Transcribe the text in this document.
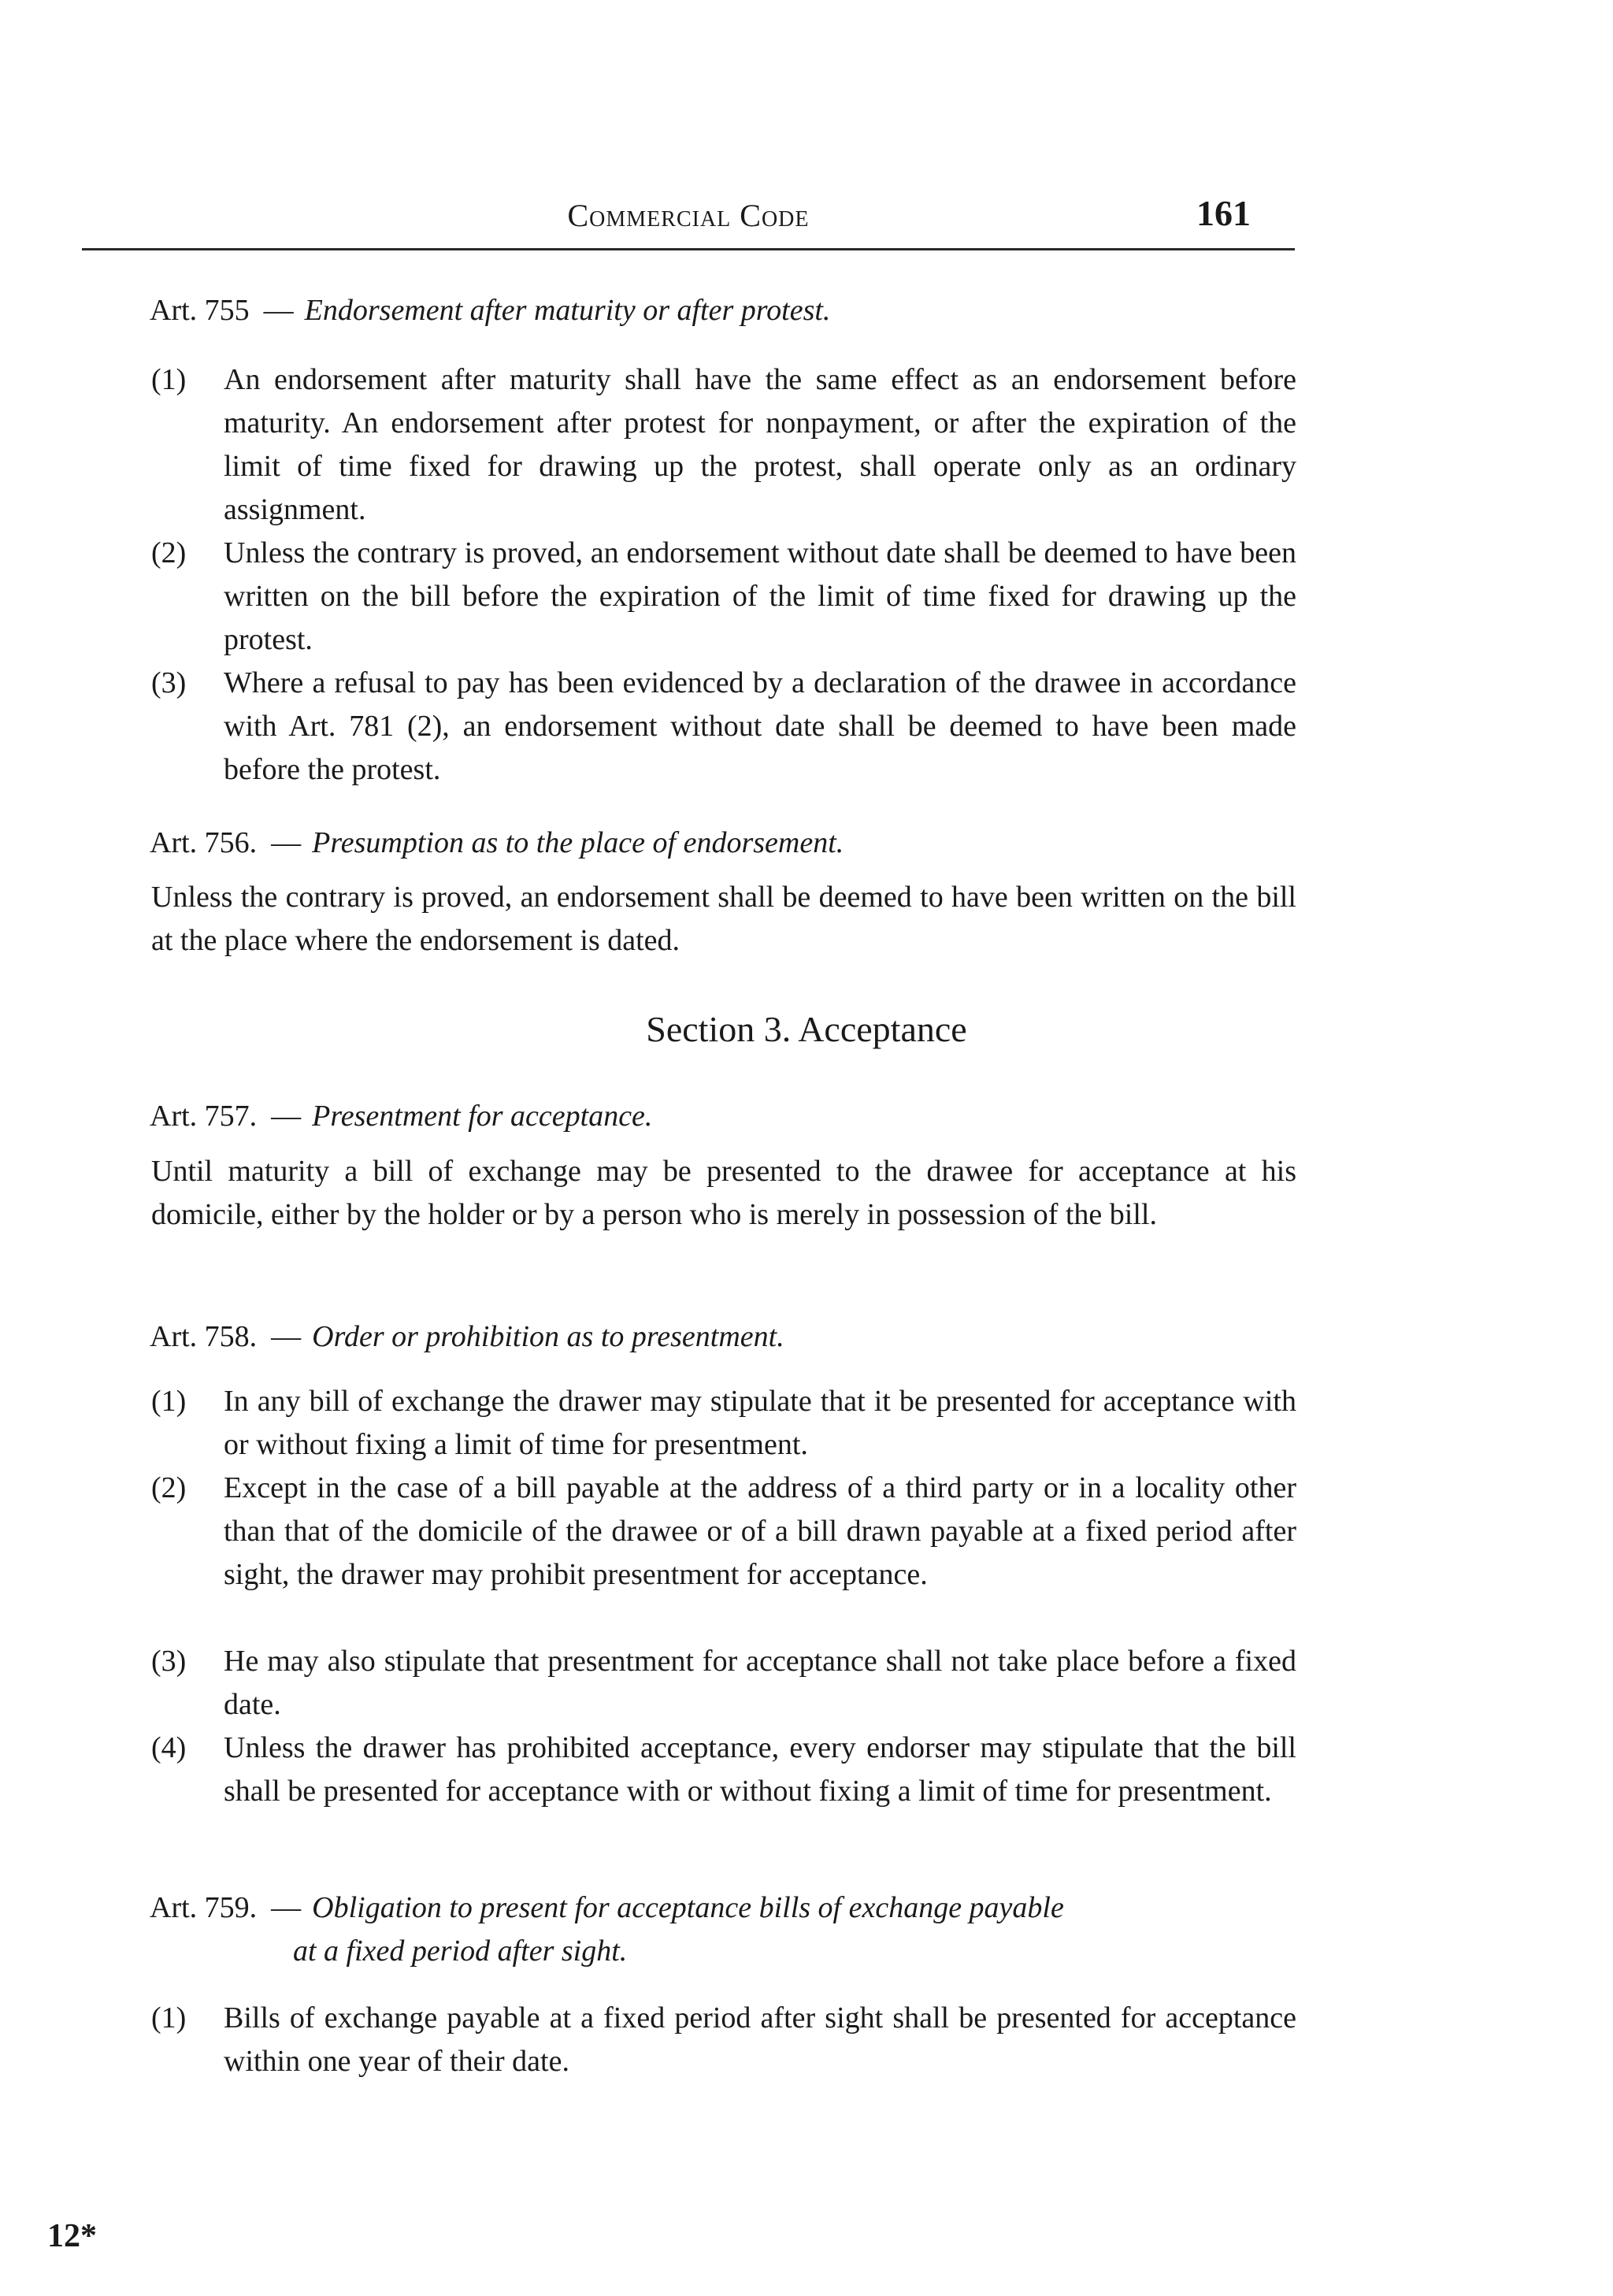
Commercial Code	161
Art. 755 — Endorsement after maturity or after protest.
(1)	An endorsement after maturity shall have the same effect as an endorsement before maturity. An endorsement after protest for nonpayment, or after the expiration of the limit of time fixed for drawing up the protest, shall operate only as an ordinary assignment.
(2)	Unless the contrary is proved, an endorsement without date shall be deemed to have been written on the bill before the expiration of the limit of time fixed for drawing up the protest.
(3)	Where a refusal to pay has been evidenced by a declaration of the drawee in accordance with Art. 781 (2), an endorsement without date shall be deemed to have been made before the protest.
Art. 756. — Presumption as to the place of endorsement.
Unless the contrary is proved, an endorsement shall be deemed to have been written on the bill at the place where the endorsement is dated.
Section 3. Acceptance
Art. 757. — Presentment for acceptance.
Until maturity a bill of exchange may be presented to the drawee for acceptance at his domicile, either by the holder or by a person who is merely in possession of the bill.
Art. 758. — Order or prohibition as to presentment.
(1)	In any bill of exchange the drawer may stipulate that it be presented for acceptance with or without fixing a limit of time for presentment.
(2)	Except in the case of a bill payable at the address of a third party or in a locality other than that of the domicile of the drawee or of a bill drawn payable at a fixed period after sight, the drawer may prohibit presentment for acceptance.
(3)	He may also stipulate that presentment for acceptance shall not take place before a fixed date.
(4)	Unless the drawer has prohibited acceptance, every endorser may stipulate that the bill shall be presented for acceptance with or without fixing a limit of time for presentment.
Art. 759. — Obligation to present for acceptance bills of exchange payable
at a fixed period after sight.
(1)	Bills of exchange payable at a fixed period after sight shall be presented for acceptance within one year of their date.
12*
